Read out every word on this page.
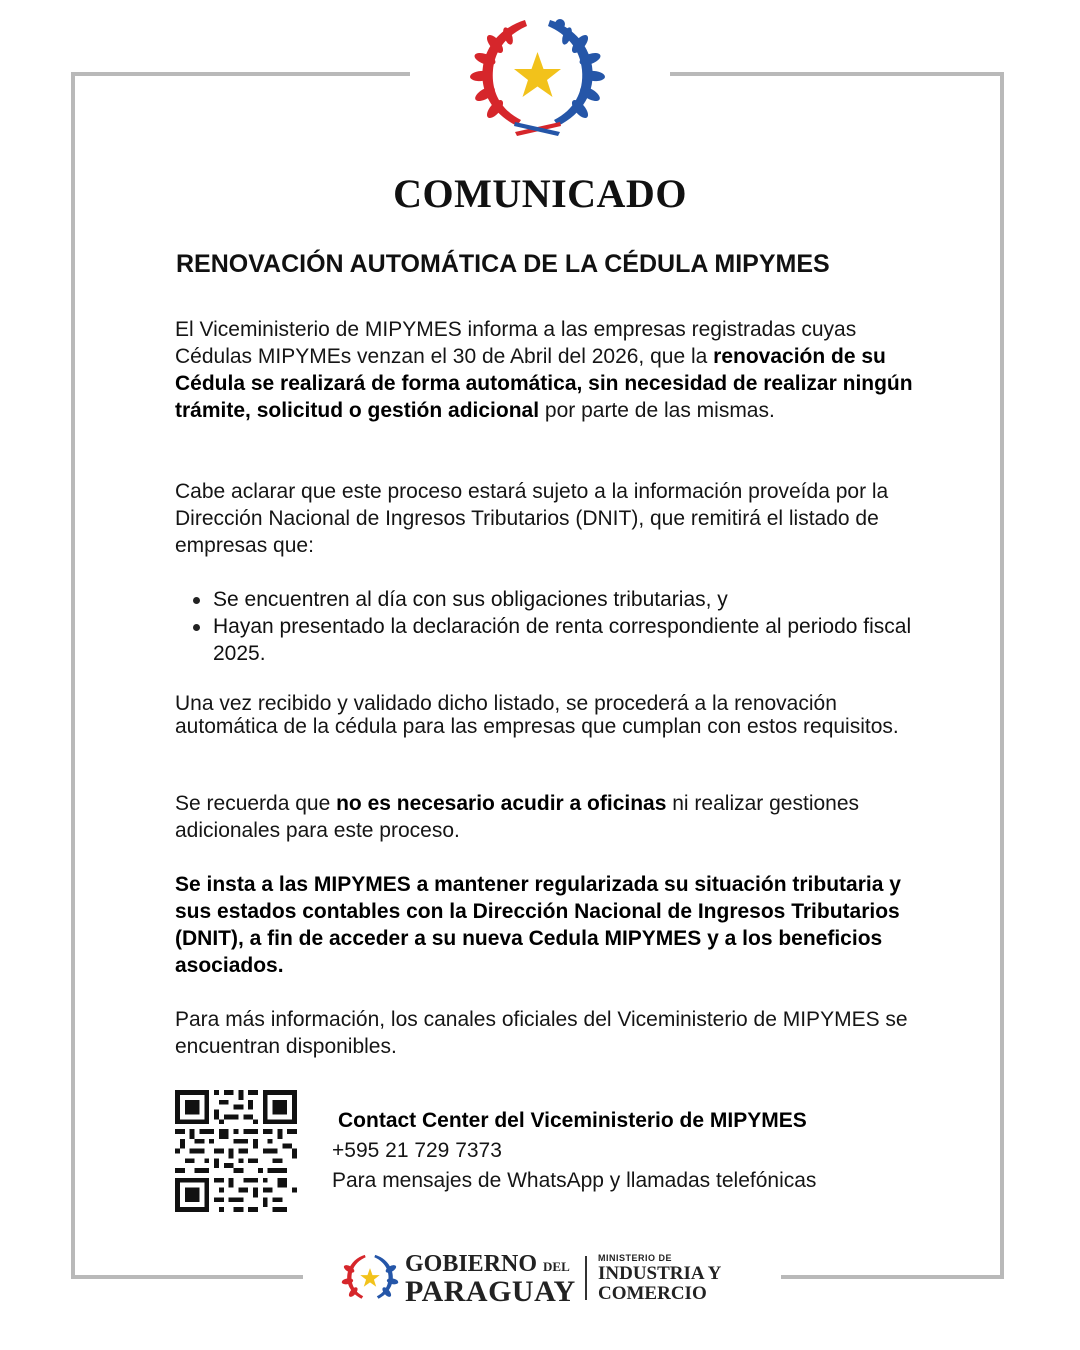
COMUNICADO
RENOVACIÓN AUTOMÁTICA DE LA CÉDULA MIPYMES
El Viceministerio de MIPYMES informa a las empresas registradas cuyas Cédulas MIPYMEs venzan el 30 de Abril del 2026, que la renovación de su Cédula se realizará de forma automática, sin necesidad de realizar ningún trámite, solicitud o gestión adicional por parte de las mismas.
Cabe aclarar que este proceso estará sujeto a la información proveída por la Dirección Nacional de Ingresos Tributarios (DNIT), que remitirá el listado de empresas que:
Se encuentren al día con sus obligaciones tributarias, y
Hayan presentado la declaración de renta correspondiente al periodo fiscal 2025.
Una vez recibido y validado dicho listado, se procederá a la renovación automática de la cédula para las empresas que cumplan con estos requisitos.
Se recuerda que no es necesario acudir a oficinas ni realizar gestiones adicionales para este proceso.
Se insta a las MIPYMES a mantener regularizada su situación tributaria y sus estados contables con la Dirección Nacional de Ingresos Tributarios (DNIT), a fin de acceder a su nueva Cedula MIPYMES y a los beneficios asociados.
Para más información, los canales oficiales del Viceministerio de MIPYMES se encuentran disponibles.
Contact Center del Viceministerio de MIPYMES
+595 21 729 7373
Para mensajes de WhatsApp y llamadas telefónicas
GOBIERNO DEL
PARAGUAY
MINISTERIO DE
INDUSTRIA Y
COMERCIO
